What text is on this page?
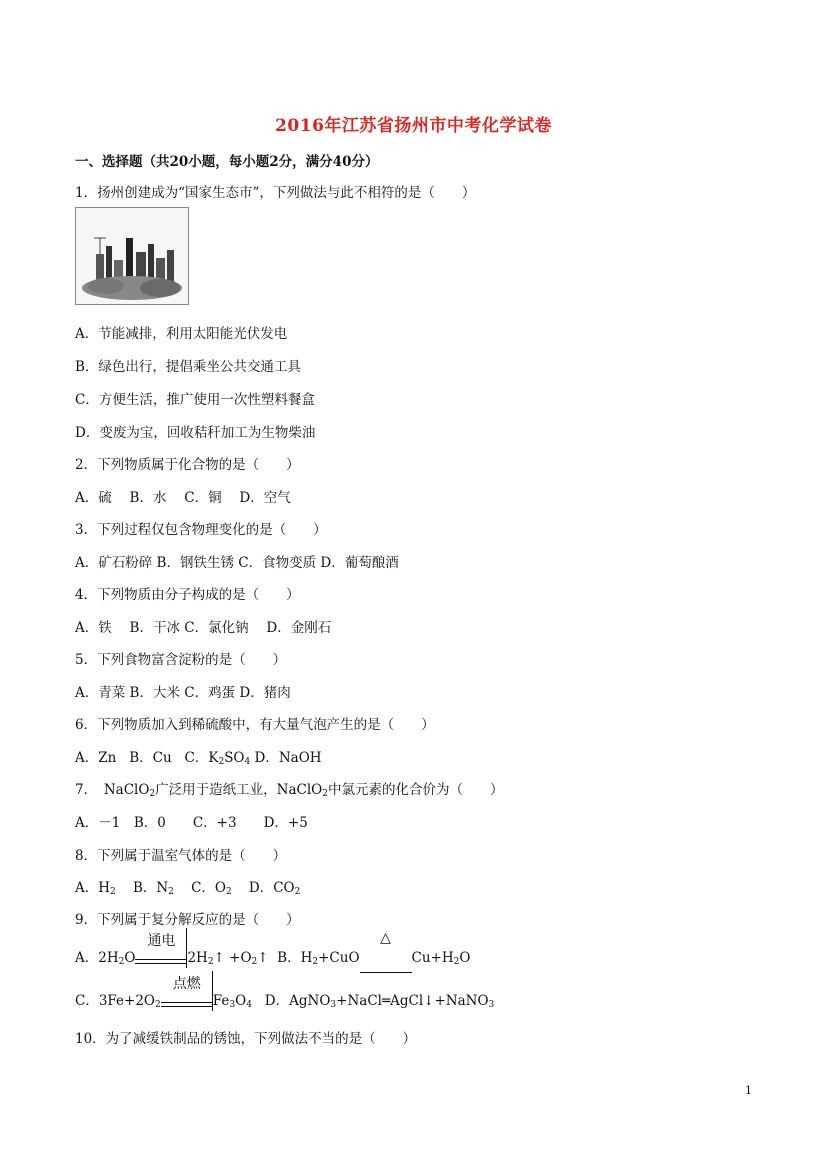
2016年江苏省扬州市中考化学试卷
一、选择题（共20小题，每小题2分，满分40分）
1．扬州创建成为“国家生态市”，下列做法与此不相符的是（　　）
A．节能减排，利用太阳能光伏发电
B．绿色出行，提倡乘坐公共交通工具
C．方便生活，推广使用一次性塑料餐盒
D．变废为宝，回收秸秆加工为生物柴油
2．下列物质属于化合物的是（　　）
A．硫　 B．水　 C．铜　 D．空气
3．下列过程仅包含物理变化的是（　　）
A．矿石粉碎 B．钢铁生锈 C．食物变质 D．葡萄酿酒
4．下列物质由分子构成的是（　　）
A．铁　 B．干冰 C．氯化钠　 D．金刚石
5．下列食物富含淀粉的是（　　）
A．青菜 B．大米 C．鸡蛋 D．猪肉
6．下列物质加入到稀硫酸中，有大量气泡产生的是（　　）
A．Zn B．Cu C．$K_2SO_4$ D．NaOH
7．　NaClO$_2$广泛用于造纸工业，NaClO$_2$中氯元素的化合价为（　　）
A．－1　B．0　　C．+3　　D．+5
8．下列属于温室气体的是（　　）
A．$H_2$ B．$N_2$ C．$O_2$ D．$CO_2$
9．下列属于复分解反应的是（　　）
A．$2H_2O$
通电
$2H_2↑$ $+O_2↑$ B．$H_2+CuO$
△
$Cu+H_2O$
C．$3Fe+2O_2$
点燃
$Fe_3O_4$ D．AgNO$_3$+NaCl═AgCl↓+NaNO$_3$
10．为了减缓铁制品的锈蚀，下列做法不当的是（　　）
1
